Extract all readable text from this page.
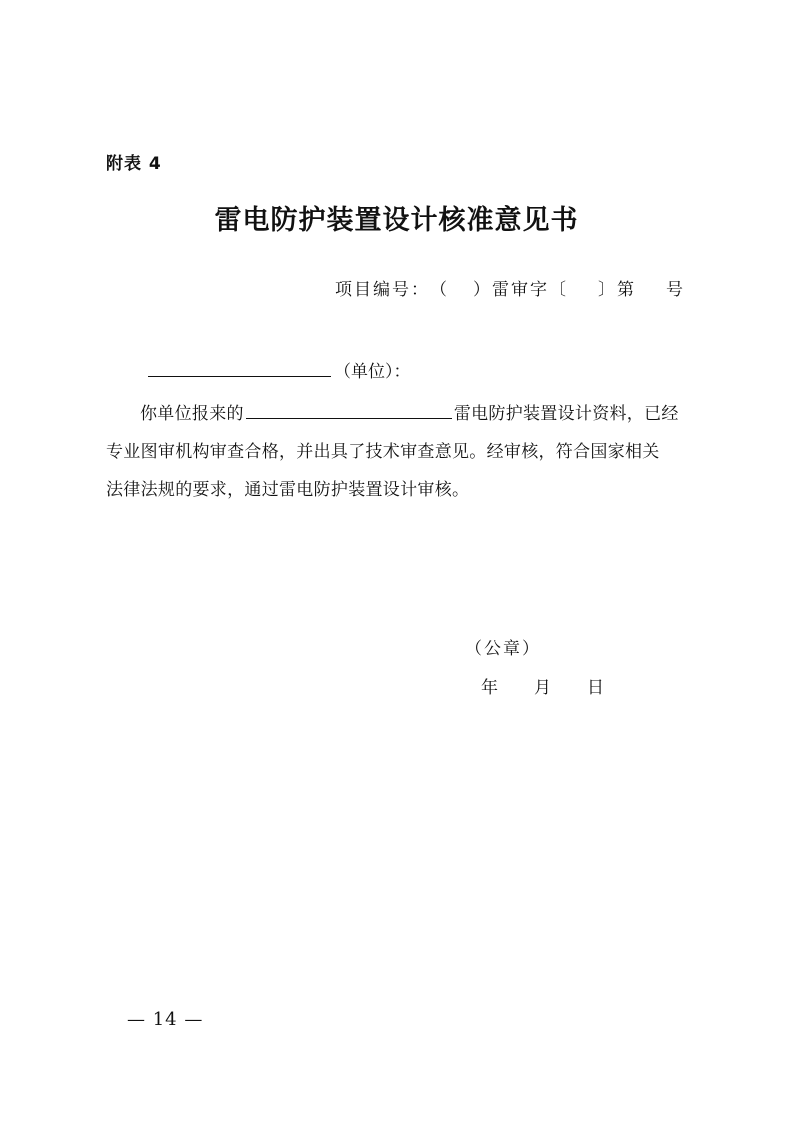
附表 4
雷电防护装置设计核准意见书
项目编号：（ ）雷审字〔 〕第 号
（单位）：
你单位报来的	雷电防护装置设计资料，已经
专业图审机构审查合格，并出具了技术审查意见。经审核，符合国家相关
法律法规的要求，通过雷电防护装置设计审核。
（公章）
年 月 日
— 14 —
